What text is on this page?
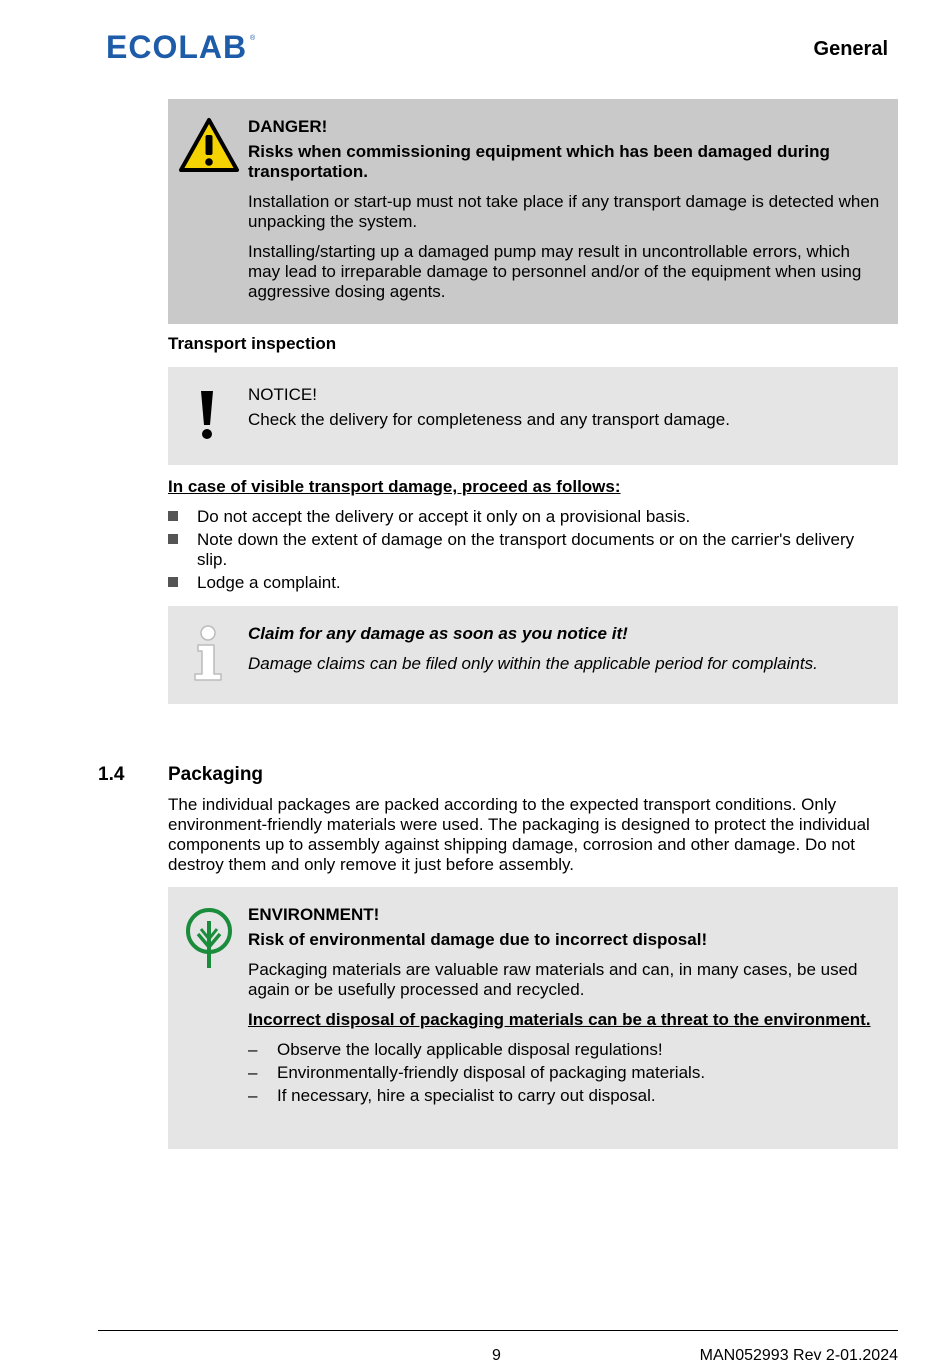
ECOLAB ®	General

DANGER!

Risks when commissioning equipment which has been damaged during transportation.

Installation or start-up must not take place if any transport damage is detected when unpacking the system.

Installing/starting up a damaged pump may result in uncontrollable errors, which may lead to irreparable damage to personnel and/or of the equipment when using aggressive dosing agents.

Transport inspection

NOTICE!

Check the delivery for completeness and any transport damage.

In case of visible transport damage, proceed as follows:
Do not accept the delivery or accept it only on a provisional basis.
Note down the extent of damage on the transport documents or on the carrier's delivery slip.
Lodge a complaint.

Claim for any damage as soon as you notice it!

Damage claims can be filed only within the applicable period for complaints.

1.4 Packaging

The individual packages are packed according to the expected transport conditions. Only environment-friendly materials were used. The packaging is designed to protect the individual components up to assembly against shipping damage, corrosion and other damage. Do not destroy them and only remove it just before assembly.

ENVIRONMENT!

Risk of environmental damage due to incorrect disposal!

Packaging materials are valuable raw materials and can, in many cases, be used again or be usefully processed and recycled.

Incorrect disposal of packaging materials can be a threat to the environment.

– Observe the locally applicable disposal regulations!
– Environmentally-friendly disposal of packaging materials.
– If necessary, hire a specialist to carry out disposal.
9	MAN052993 Rev 2-01.2024
